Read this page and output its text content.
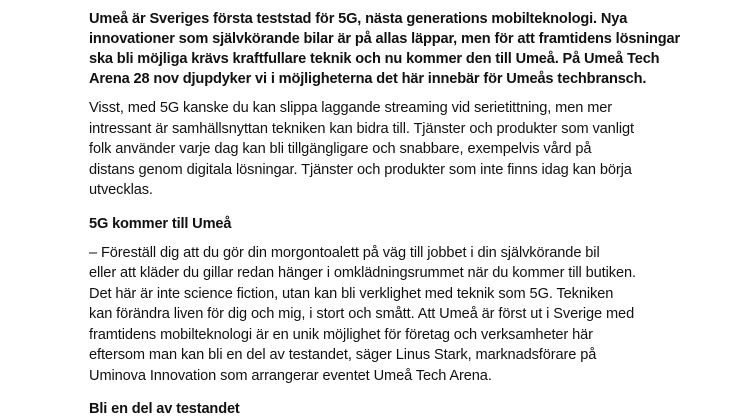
Umeå är Sveriges första teststad för 5G, nästa generations mobilteknologi. Nya
innovationer som självkörande bilar är på allas läppar, men för att framtidens lösningar
ska bli möjliga krävs kraftfullare teknik och nu kommer den till Umeå. På Umeå Tech
Arena 28 nov djupdyker vi i möjligheterna det här innebär för Umeås techbransch.

Visst, med 5G kanske du kan slippa laggande streaming vid serietittning, men mer
intressant är samhällsnyttan tekniken kan bidra till. Tjänster och produkter som vanligt
folk använder varje dag kan bli tillgängligare och snabbare, exempelvis vård på
distans genom digitala lösningar. Tjänster och produkter som inte finns idag kan börja
utvecklas.

5G kommer till Umeå

– Föreställ dig att du gör din morgontoalett på väg till jobbet i din självkörande bil
eller att kläder du gillar redan hänger i omklädningsrummet när du kommer till butiken.
Det här är inte science fiction, utan kan bli verklighet med teknik som 5G. Tekniken
kan förändra liven för dig och mig, i stort och smått. Att Umeå är först ut i Sverige med
framtidens mobilteknologi är en unik möjlighet för företag och verksamheter här
eftersom man kan bli en del av testandet, säger Linus Stark, marknadsförare på
Uminova Innovation som arrangerar eventet Umeå Tech Arena.

Bli en del av testandet
